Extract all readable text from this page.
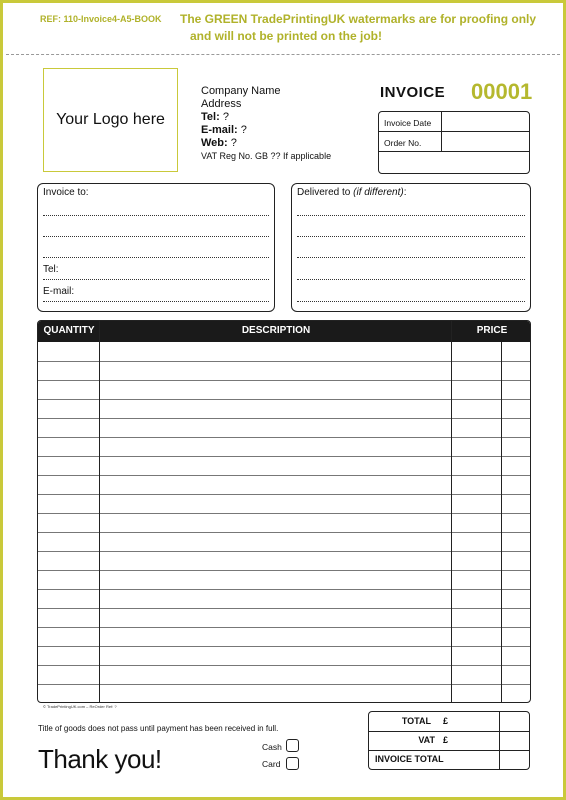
REF: 110-Invoice4-A5-BOOK The GREEN TradePrintingUK watermarks are for proofing only
and will not be printed on the job!
Your Logo here
Company Name
Address
Tel: ?
E-mail: ?
Web: ?
VAT Reg No. GB ?? If applicable
INVOICE 00001
Invoice Date
Order No.
Invoice to:
Tel:
E-mail:
Delivered to (if different):
QUANTITY	DESCRIPTION	PRICE
© TradePrintingUK.com – ReOrder Ref: ?
Title of goods does not pass until payment has been received in full.
Thank you!	Cash
Card
TOTAL £
VAT £
INVOICE TOTAL
